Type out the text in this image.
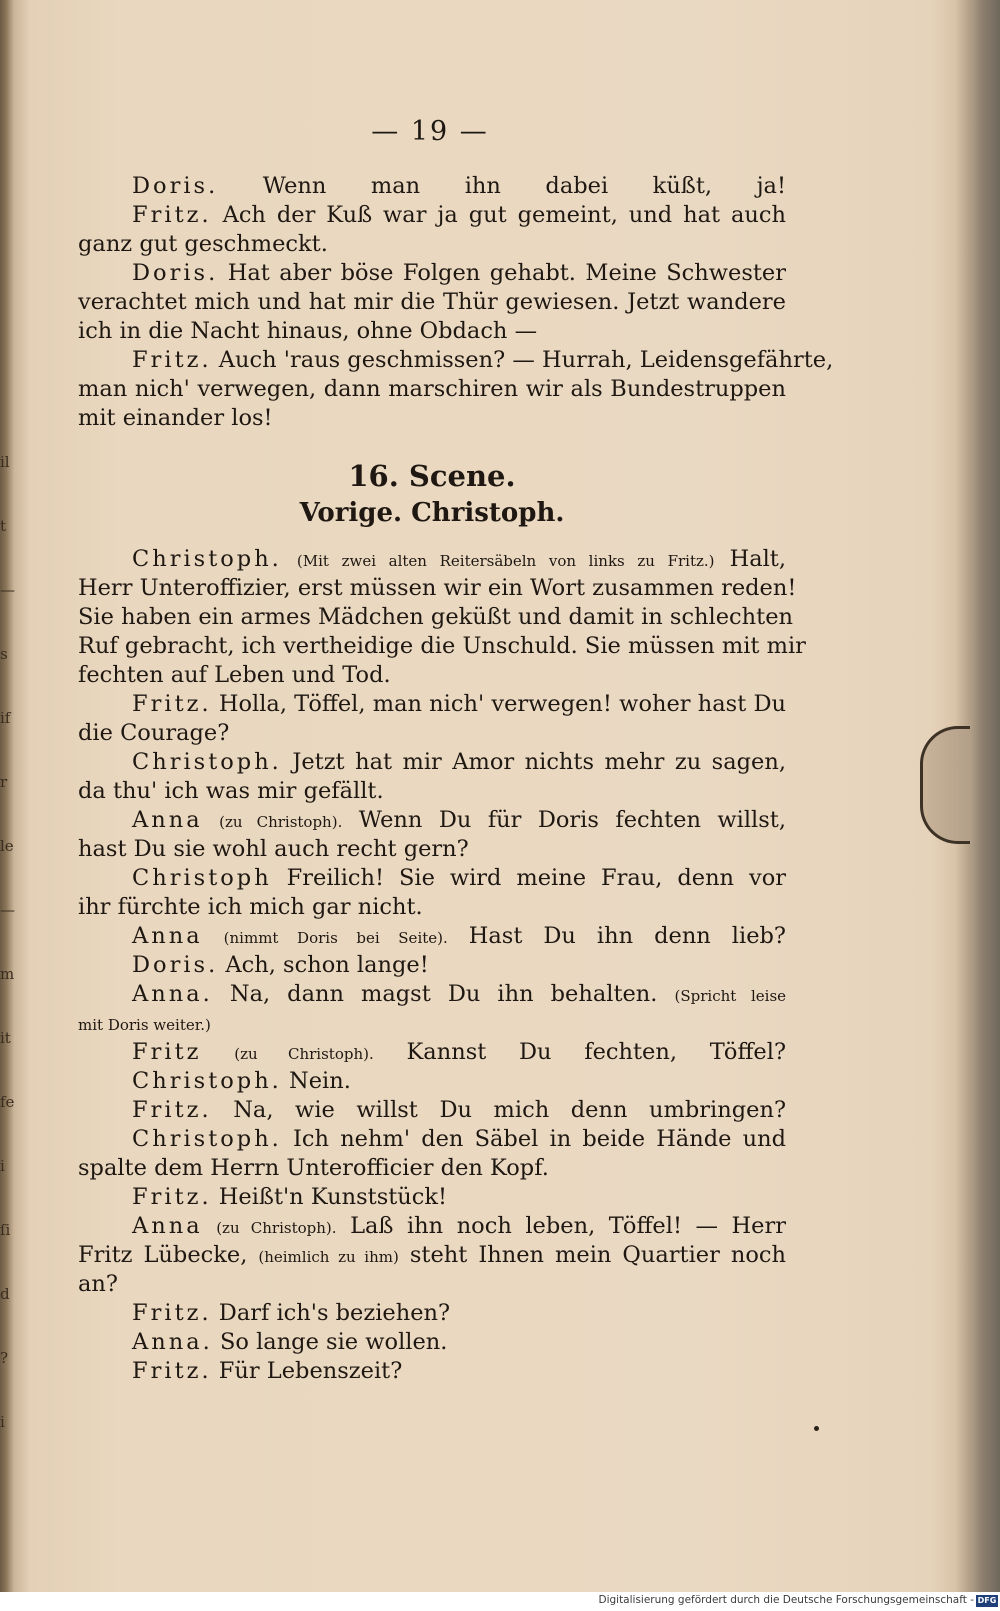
il
t
—
s
if
r
le
—
m
it
fe
i
ſi
d
?
i
— 19 —
Doris. Wenn man ihn dabei küßt, ja!
Fritz. Ach der Kuß war ja gut gemeint, und hat auch
ganz gut geschmeckt.
Doris. Hat aber böse Folgen gehabt. Meine Schwester
verachtet mich und hat mir die Thür gewiesen. Jetzt wandere
ich in die Nacht hinaus, ohne Obdach —
Fritz. Auch 'raus geschmissen? — Hurrah, Leidensgefährte,
man nich' verwegen, dann marschiren wir als Bundestruppen
mit einander los!
16. Scene.
Vorige. Christoph.
Christoph. (Mit zwei alten Reitersäbeln von links zu Fritz.) Halt,
Herr Unteroffizier, erst müssen wir ein Wort zusammen reden!
Sie haben ein armes Mädchen geküßt und damit in schlechten
Ruf gebracht, ich vertheidige die Unschuld. Sie müssen mit mir
fechten auf Leben und Tod.
Fritz. Holla, Töffel, man nich' verwegen! woher hast Du
die Courage?
Christoph. Jetzt hat mir Amor nichts mehr zu sagen,
da thu' ich was mir gefällt.
Anna (zu Christoph). Wenn Du für Doris fechten willst,
hast Du sie wohl auch recht gern?
Christoph Freilich! Sie wird meine Frau, denn vor
ihr fürchte ich mich gar nicht.
Anna (nimmt Doris bei Seite). Hast Du ihn denn lieb?
Doris. Ach, schon lange!
Anna. Na, dann magst Du ihn behalten. (Spricht leise
mit Doris weiter.)
Fritz (zu Christoph). Kannst Du fechten, Töffel?
Christoph. Nein.
Fritz. Na, wie willst Du mich denn umbringen?
Christoph. Ich nehm' den Säbel in beide Hände und
spalte dem Herrn Unterofficier den Kopf.
Fritz. Heißt'n Kunststück!
Anna (zu Christoph). Laß ihn noch leben, Töffel! — Herr
Fritz Lübecke, (heimlich zu ihm) steht Ihnen mein Quartier noch
an?
Fritz. Darf ich's beziehen?
Anna. So lange sie wollen.
Fritz. Für Lebenszeit?
Digitalisierung gefördert durch die Deutsche Forschungsgemeinschaft - DFG
